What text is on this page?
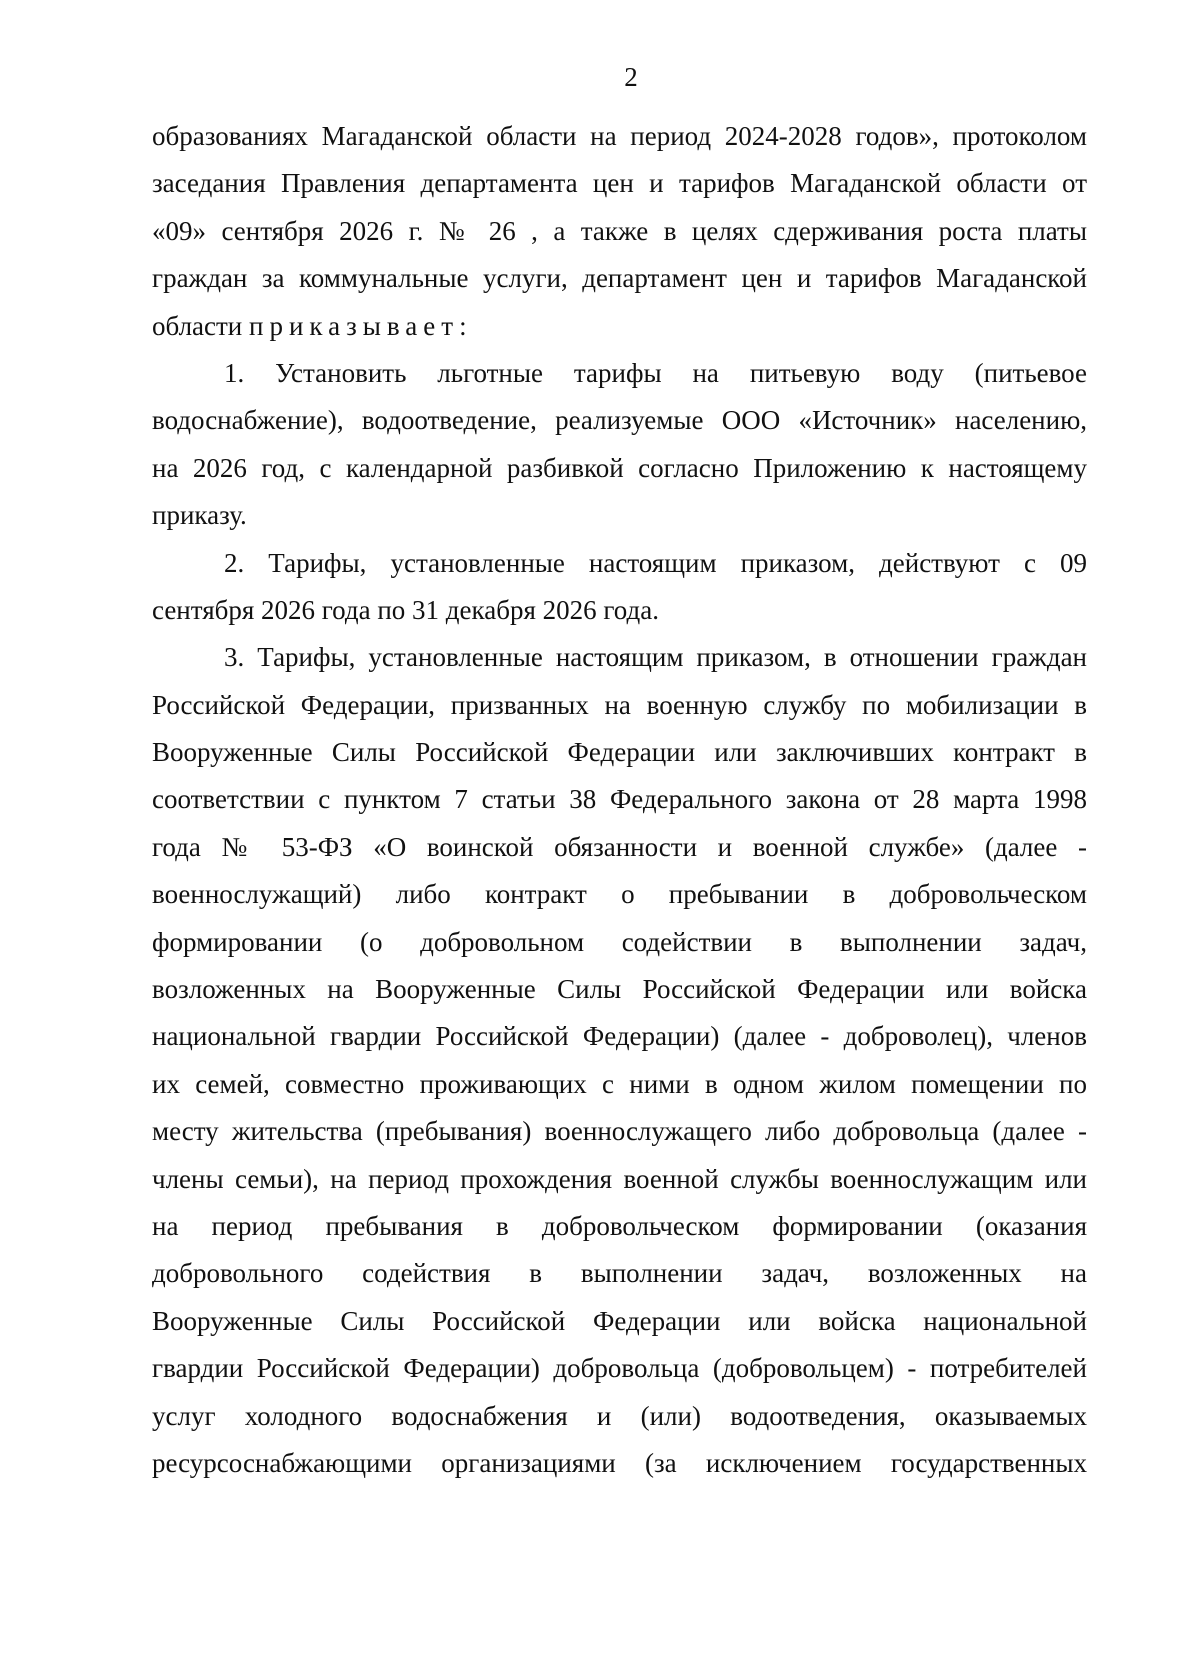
2
образованиях Магаданской области на период 2024-2028 годов», протоколом
заседания Правления департамента цен и тарифов Магаданской области от
«09» сентября 2026 г. № 26 , а также в целях сдерживания роста платы
граждан за коммунальные услуги, департамент цен и тарифов Магаданской
области приказывает:
1. Установить льготные тарифы на питьевую воду (питьевое
водоснабжение), водоотведение, реализуемые ООО «Источник» населению,
на 2026 год, с календарной разбивкой согласно Приложению к настоящему
приказу.
2. Тарифы, установленные настоящим приказом, действуют с 09
сентября 2026 года по 31 декабря 2026 года.
3. Тарифы, установленные настоящим приказом, в отношении граждан
Российской Федерации, призванных на военную службу по мобилизации в
Вооруженные Силы Российской Федерации или заключивших контракт в
соответствии с пунктом 7 статьи 38 Федерального закона от 28 марта 1998
года № 53-ФЗ «О воинской обязанности и военной службе» (далее -
военнослужащий) либо контракт о пребывании в добровольческом
формировании (о добровольном содействии в выполнении задач,
возложенных на Вооруженные Силы Российской Федерации или войска
национальной гвардии Российской Федерации) (далее - доброволец), членов
их семей, совместно проживающих с ними в одном жилом помещении по
месту жительства (пребывания) военнослужащего либо добровольца (далее -
члены семьи), на период прохождения военной службы военнослужащим или
на период пребывания в добровольческом формировании (оказания
добровольного содействия в выполнении задач, возложенных на
Вооруженные Силы Российской Федерации или войска национальной
гвардии Российской Федерации) добровольца (добровольцем) - потребителей
услуг холодного водоснабжения и (или) водоотведения, оказываемых
ресурсоснабжающими организациями (за исключением государственных
